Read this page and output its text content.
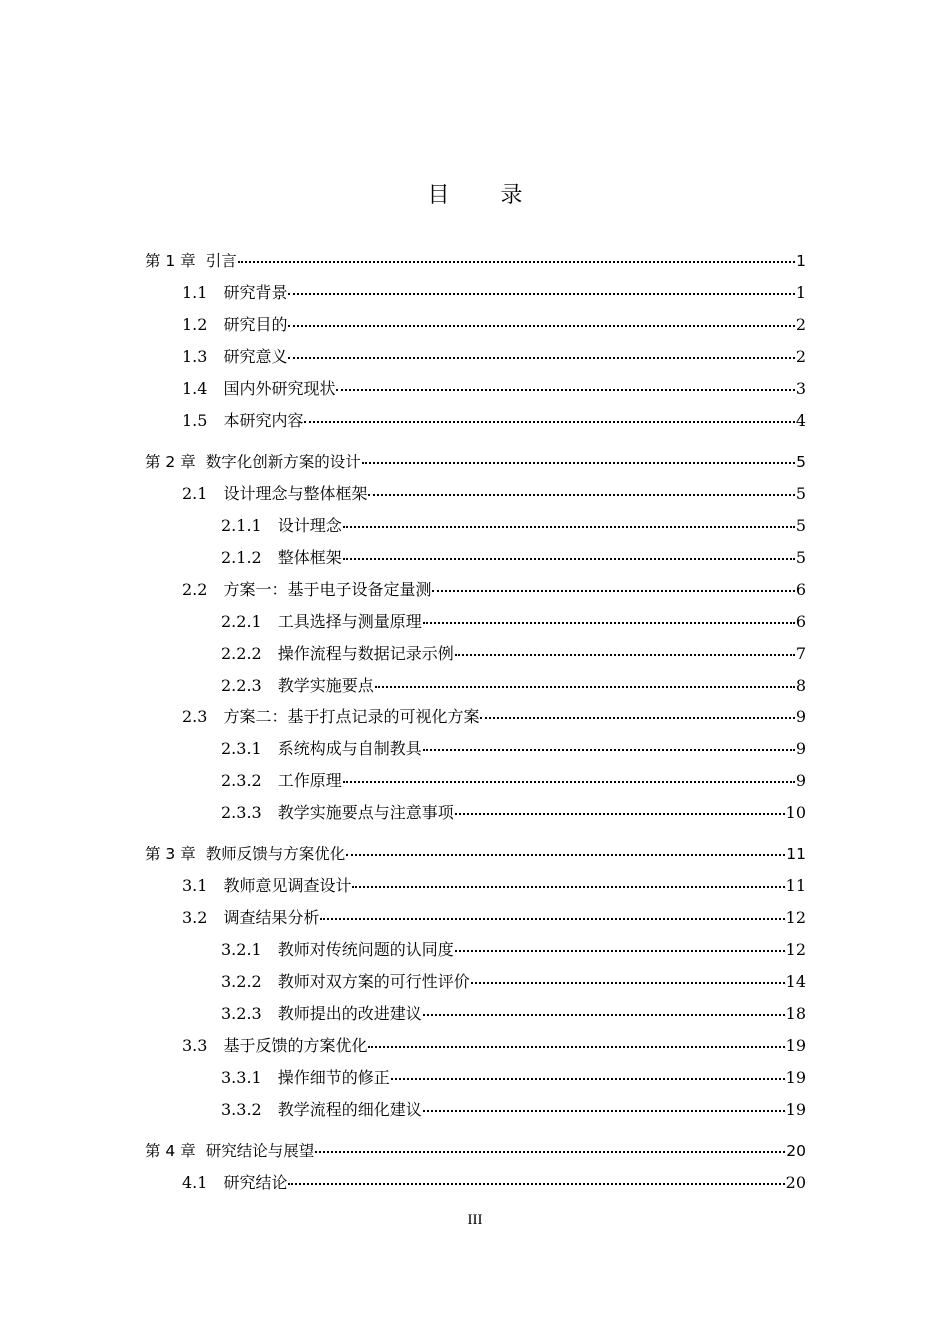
目 录
第 1 章 引言	1
1.1 研究背景	1
1.2 研究目的	2
1.3 研究意义	2
1.4 国内外研究现状	3
1.5 本研究内容	4
第 2 章 数字化创新方案的设计	5
2.1 设计理念与整体框架	5
2.1.1 设计理念	5
2.1.2 整体框架	5
2.2 方案一：基于电子设备定量测	6
2.2.1 工具选择与测量原理	6
2.2.2 操作流程与数据记录示例	7
2.2.3 教学实施要点	8
2.3 方案二：基于打点记录的可视化方案	9
2.3.1 系统构成与自制教具	9
2.3.2 工作原理	9
2.3.3 教学实施要点与注意事项	10
第 3 章 教师反馈与方案优化	11
3.1 教师意见调查设计	11
3.2 调查结果分析	12
3.2.1 教师对传统问题的认同度	12
3.2.2 教师对双方案的可行性评价	14
3.2.3 教师提出的改进建议	18
3.3 基于反馈的方案优化	19
3.3.1 操作细节的修正	19
3.3.2 教学流程的细化建议	19
第 4 章 研究结论与展望	20
4.1 研究结论	20
III
